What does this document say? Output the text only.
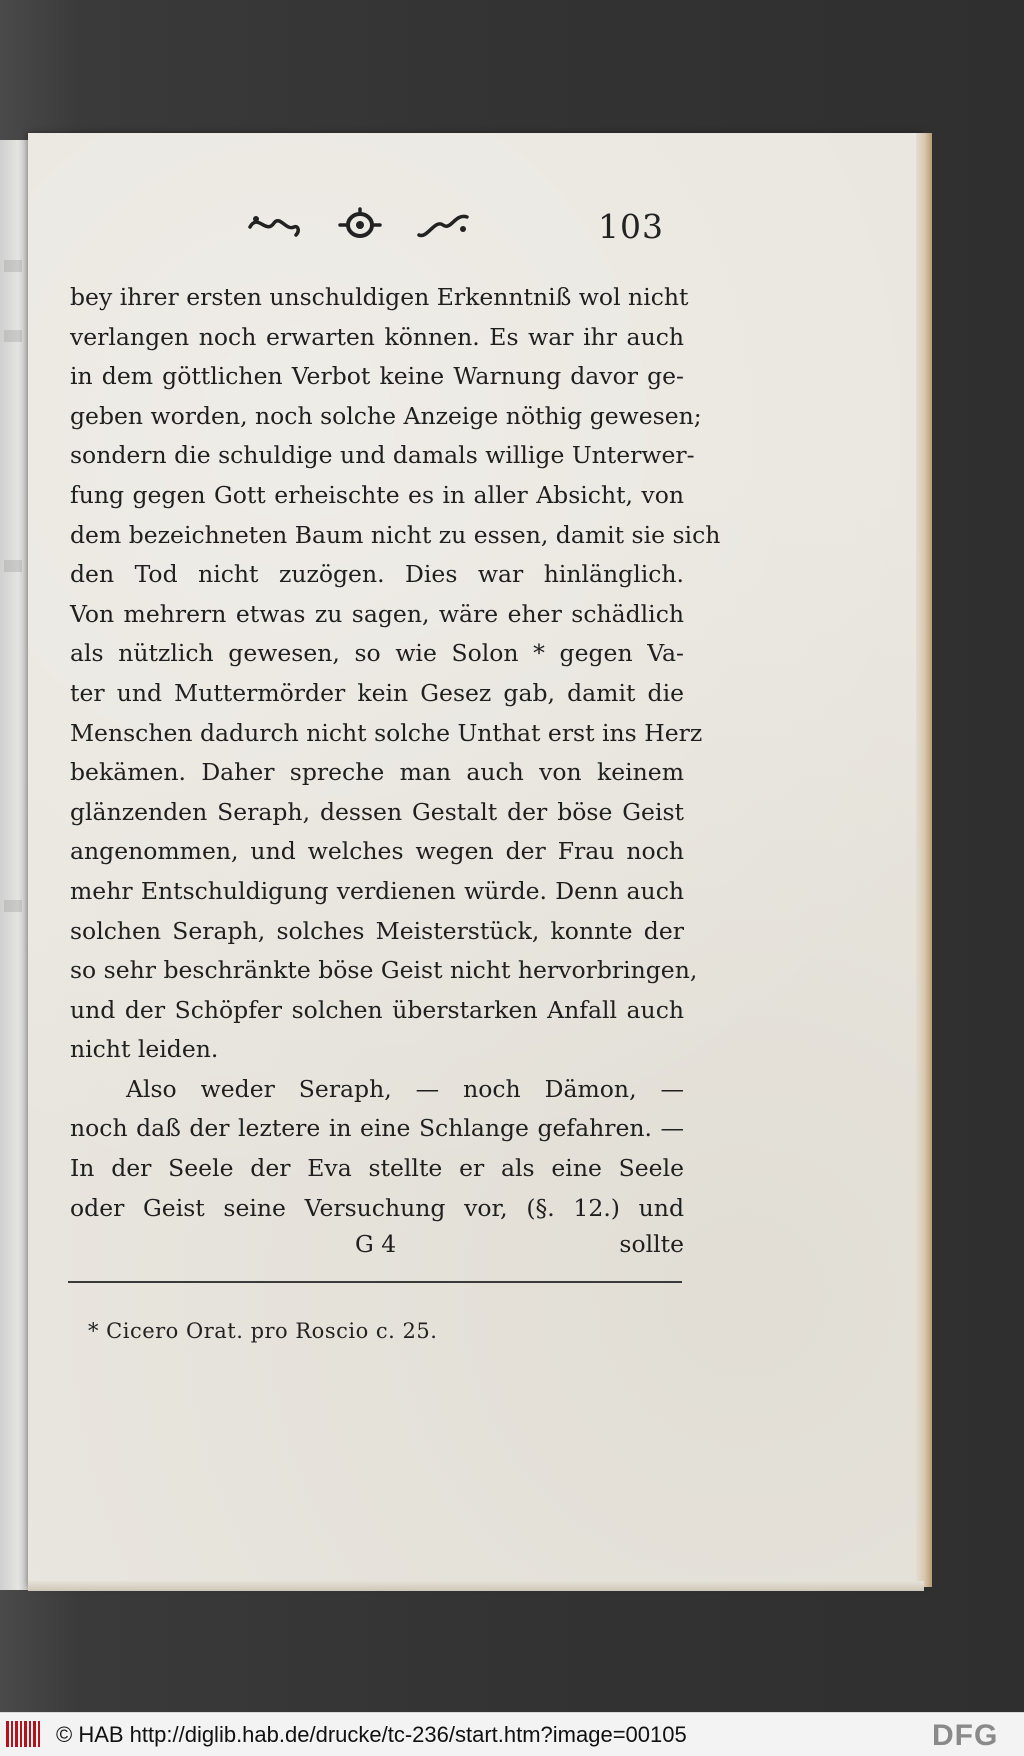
103
bey ihrer ersten unschuldigen Erkenntniß wol nicht
verlangen noch erwarten können. Es war ihr auch
in dem göttlichen Verbot keine Warnung davor ge-
geben worden, noch solche Anzeige nöthig gewesen;
sondern die schuldige und damals willige Unterwer-
fung gegen Gott erheischte es in aller Absicht, von
dem bezeichneten Baum nicht zu essen, damit sie sich
den Tod nicht zuzögen. Dies war hinlänglich.
Von mehrern etwas zu sagen, wäre eher schädlich
als nützlich gewesen, so wie Solon * gegen Va-
ter und Muttermörder kein Gesez gab, damit die
Menschen dadurch nicht solche Unthat erst ins Herz
bekämen. Daher spreche man auch von keinem
glänzenden Seraph, dessen Gestalt der böse Geist
angenommen, und welches wegen der Frau noch
mehr Entschuldigung verdienen würde. Denn auch
solchen Seraph, solches Meisterstück, konnte der
so sehr beschränkte böse Geist nicht hervorbringen,
und der Schöpfer solchen überstarken Anfall auch
nicht leiden.
Also weder Seraph, — noch Dämon, —
noch daß der leztere in eine Schlange gefahren. —
In der Seele der Eva stellte er als eine Seele
oder Geist seine Versuchung vor, (§. 12.) und
G 4	sollte
* Cicero Orat. pro Roscio c. 25.
© HAB http://diglib.hab.de/drucke/tc-236/start.htm?image=00105	DFG
